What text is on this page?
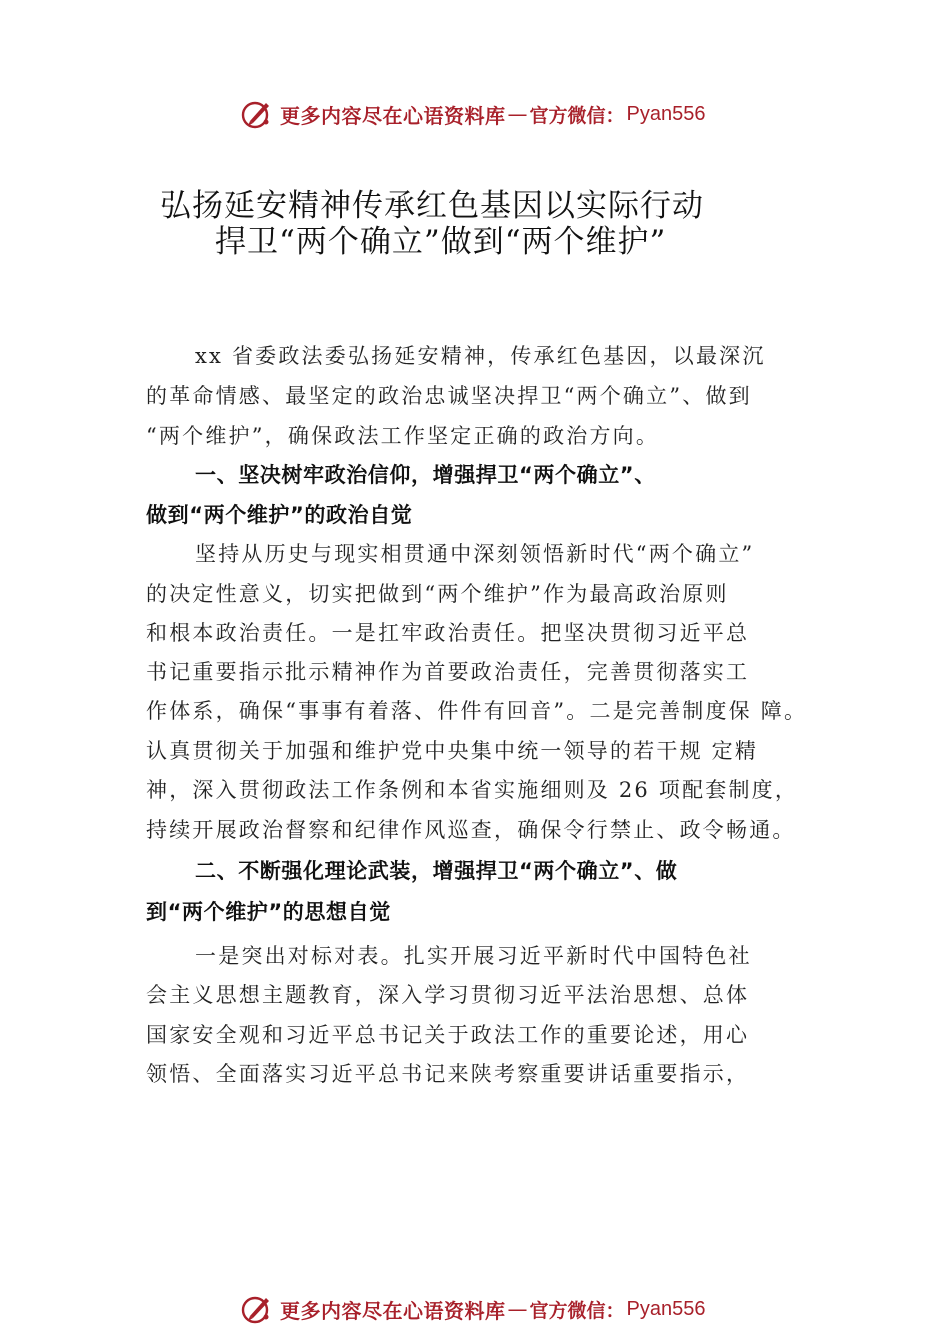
更多内容尽在心语资料库 — 官方微信： Pyan556
弘扬延安精神传承红色基因以实际行动
捍卫“两个确立”做到“两个维护”
xx 省委政法委弘扬延安精神，传承红色基因，以最深沉
的革命情感、最坚定的政治忠诚坚决捍卫“两个确立”、做到
“两个维护”，确保政法工作坚定正确的政治方向。
一、坚决树牢政治信仰，增强捍卫“两个确立”、
做到“两个维护”的政治自觉
坚持从历史与现实相贯通中深刻领悟新时代“两个确立”
的决定性意义，切实把做到“两个维护”作为最高政治原则
和根本政治责任。一是扛牢政治责任。把坚决贯彻习近平总
书记重要指示批示精神作为首要政治责任，完善贯彻落实工
作体系，确保“事事有着落、件件有回音”。二是完善制度保 障。
认真贯彻关于加强和维护党中央集中统一领导的若干规 定精
神，深入贯彻政法工作条例和本省实施细则及 26 项配套制度，
持续开展政治督察和纪律作风巡查，确保令行禁止、政令畅通。
二、不断强化理论武装，增强捍卫“两个确立”、做
到“两个维护”的思想自觉
一是突出对标对表。扎实开展习近平新时代中国特色社
会主义思想主题教育，深入学习贯彻习近平法治思想、总体
国家安全观和习近平总书记关于政法工作的重要论述，用心
领悟、全面落实习近平总书记来陕考察重要讲话重要指示，
更多内容尽在心语资料库 — 官方微信： Pyan556
